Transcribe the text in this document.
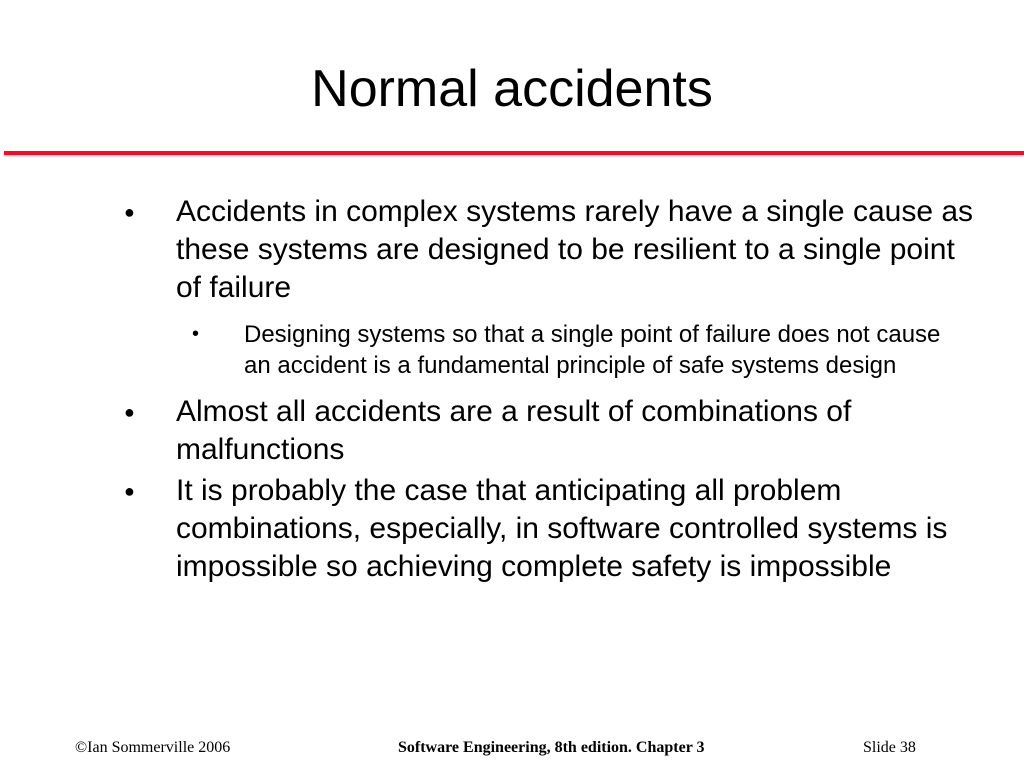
Normal accidents
● Accidents in complex systems rarely have a single cause as these systems are designed to be resilient to a single point of failure
• Designing systems so that a single point of failure does not cause an accident is a fundamental principle of safe systems design
● Almost all accidents are a result of combinations of malfunctions
● It is probably the case that anticipating all problem combinations, especially, in software controlled systems is impossible so achieving complete safety is impossible
©Ian Sommerville 2006	Software Engineering, 8th edition. Chapter 3	Slide 38
